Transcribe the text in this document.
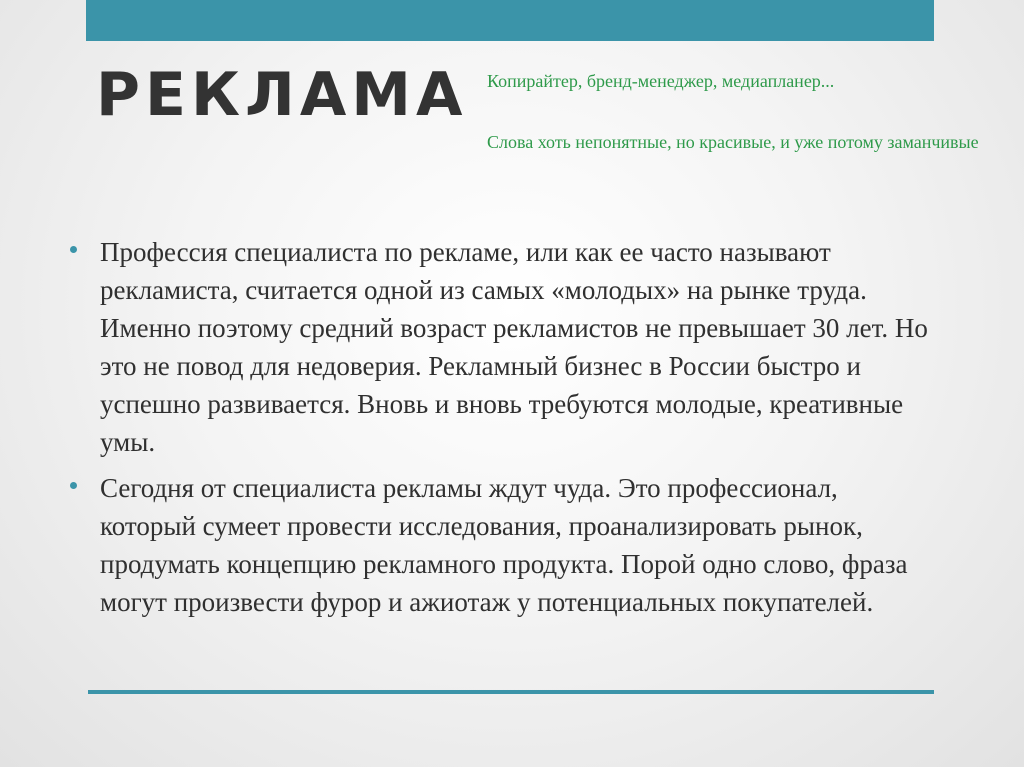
РЕКЛАМА Копирайтер, бренд-менеджер, медиапланер...

Слова хоть непонятные, но красивые, и уже потому заманчивые

Профессия специалиста по рекламе, или как ее часто называют рекламиста, считается одной из самых «молодых» на рынке труда. Именно поэтому средний возраст рекламистов не превышает 30 лет. Но это не повод для недоверия. Рекламный бизнес в России быстро и успешно развивается. Вновь и вновь требуются молодые, креативные умы.
Сегодня от специалиста рекламы ждут чуда. Это профессионал, который сумеет провести исследования, проанализировать рынок, продумать концепцию рекламного продукта. Порой одно слово, фраза могут произвести фурор и ажиотаж у потенциальных покупателей.
